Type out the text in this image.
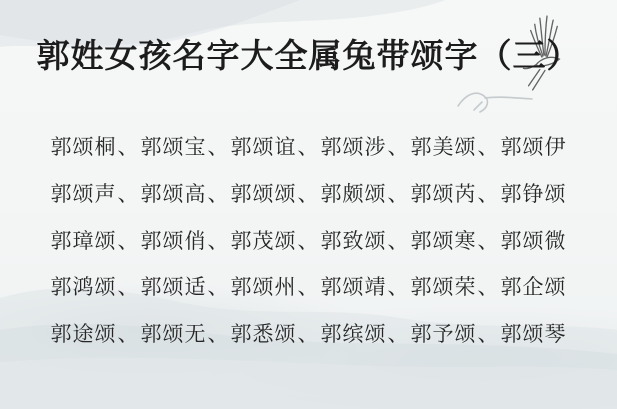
郭姓女孩名字大全属兔带颂字（三）
郭颂桐、郭颂宝、郭颂谊、郭颂涉、郭美颂、郭颂伊
郭颂声、郭颂高、郭颂颂、郭颇颂、郭颂芮、郭铮颂
郭璋颂、郭颂俏、郭茂颂、郭致颂、郭颂寒、郭颂微
郭鸿颂、郭颂适、郭颂州、郭颂靖、郭颂荣、郭企颂
郭途颂、郭颂无、郭悉颂、郭缤颂、郭予颂、郭颂琴
